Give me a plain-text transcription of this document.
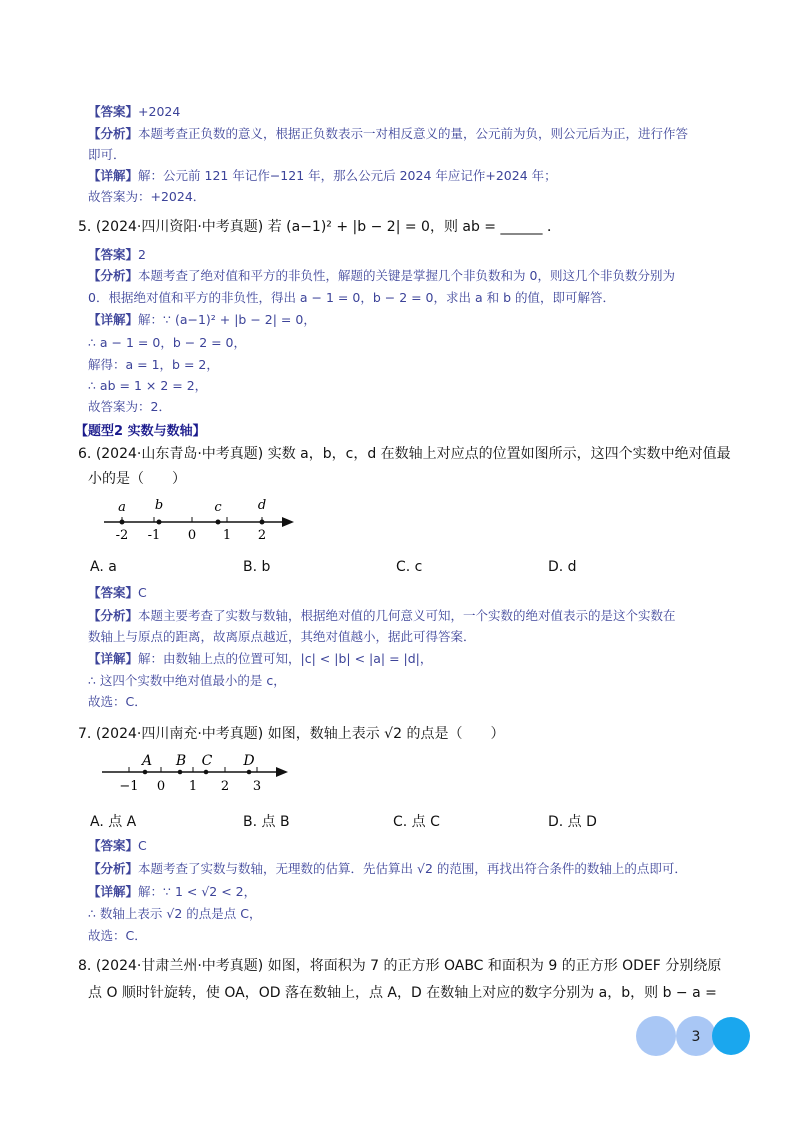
【答案】+2024
【分析】本题考查正负数的意义，根据正负数表示一对相反意义的量，公元前为负，则公元后为正，进行作答
即可．
【详解】解：公元前 121 年记作−121 年，那么公元后 2024 年应记作+2024 年；
故答案为：+2024．
5. (2024·四川资阳·中考真题) 若 (a−1)² + |b − 2| = 0，则 ab = ______ ．
【答案】2
【分析】本题考查了绝对值和平方的非负性，解题的关键是掌握几个非负数和为 0，则这几个非负数分别为
0．根据绝对值和平方的非负性，得出 a − 1 = 0，b − 2 = 0，求出 a 和 b 的值，即可解答．
【详解】解：∵ (a−1)² + |b − 2| = 0，
∴ a − 1 = 0，b − 2 = 0，
解得：a = 1，b = 2，
∴ ab = 1 × 2 = 2，
故答案为：2．
【题型2 实数与数轴】
6. (2024·山东青岛·中考真题) 实数 a，b，c，d 在数轴上对应点的位置如图所示，这四个实数中绝对值最
小的是（　　）
a b	c	d
-2 -1 0 1 2
A. a	B. b	C. c	D. d
【答案】C
【分析】本题主要考查了实数与数轴，根据绝对值的几何意义可知，一个实数的绝对值表示的是这个实数在
数轴上与原点的距离，故离原点越近，其绝对值越小，据此可得答案．
【详解】解：由数轴上点的位置可知，|c| < |b| < |a| = |d|，
∴ 这四个实数中绝对值最小的是 c，
故选：C．
7. (2024·四川南充·中考真题) 如图，数轴上表示 √2 的点是（　　）
A B C D
−1 0 1 2 3
A. 点 A	B. 点 B	C. 点 C	D. 点 D
【答案】C
【分析】本题考查了实数与数轴，无理数的估算．先估算出 √2 的范围，再找出符合条件的数轴上的点即可．
【详解】解：∵ 1 < √2 < 2，
∴ 数轴上表示 √2 的点是点 C，
故选：C．
8. (2024·甘肃兰州·中考真题) 如图，将面积为 7 的正方形 OABC 和面积为 9 的正方形 ODEF 分别绕原
点 O 顺时针旋转，使 OA，OD 落在数轴上，点 A，D 在数轴上对应的数字分别为 a，b，则 b − a =
3
